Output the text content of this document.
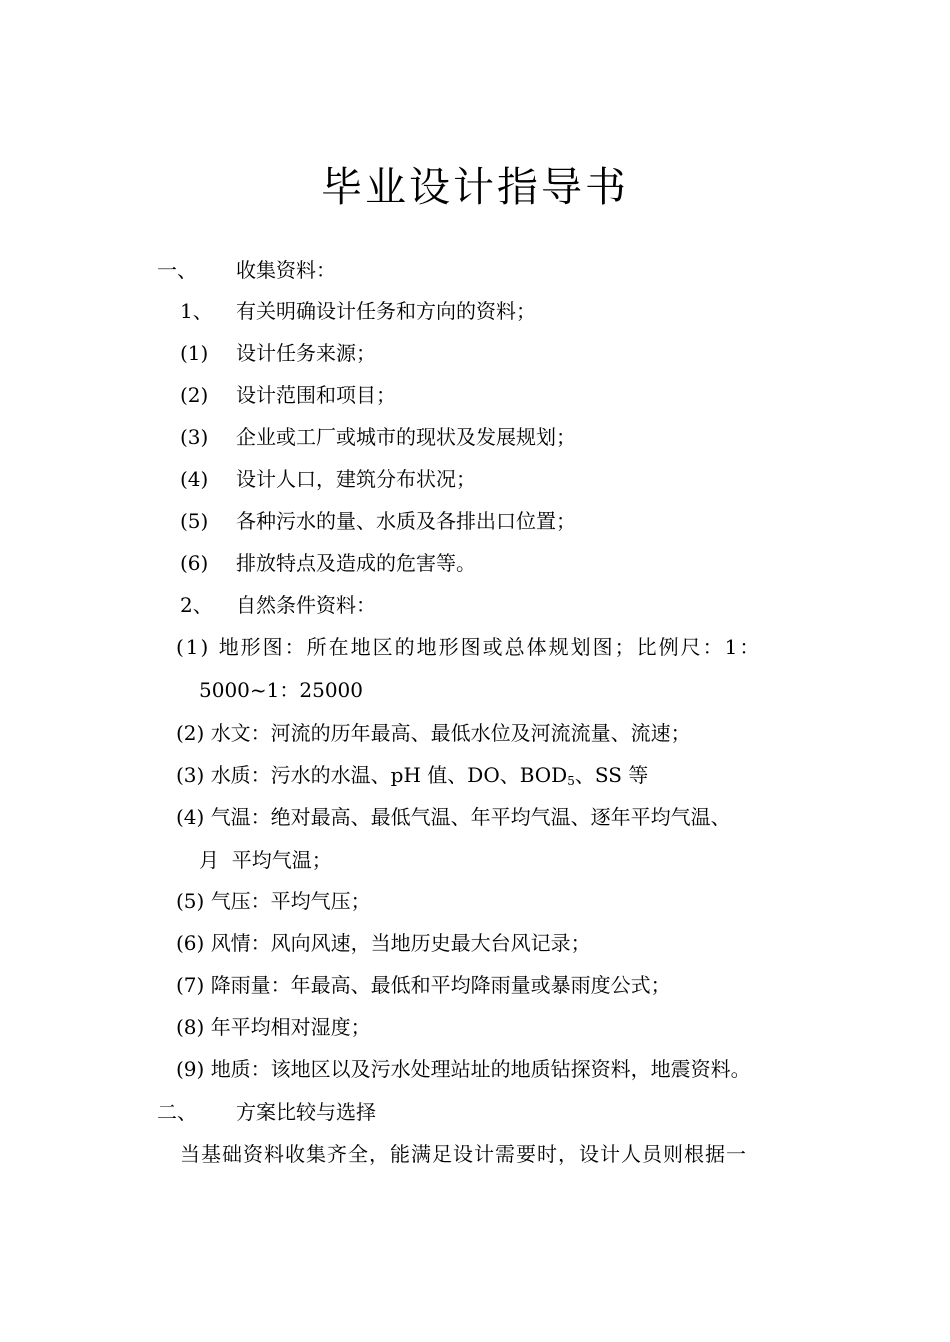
毕业设计指导书
一、 收集资料：
1、 有关明确设计任务和方向的资料；
(1) 设计任务来源；
(2) 设计范围和项目；
(3) 企业或工厂或城市的现状及发展规划；
(4) 设计人口，建筑分布状况；
(5) 各种污水的量、水质及各排出口位置；
(6) 排放特点及造成的危害等。
2、 自然条件资料：
(1) 地形图：所在地区的地形图或总体规划图；比例尺：1：
5000~1：25000
(2) 水文：河流的历年最高、最低水位及河流流量、流速；
(3) 水质：污水的水温、pH 值、DO、$BOD_5$、SS 等
(4) 气温：绝对最高、最低气温、年平均气温、逐年平均气温、
月  平均气温；
(5) 气压：平均气压；
(6) 风情：风向风速，当地历史最大台风记录；
(7) 降雨量：年最高、最低和平均降雨量或暴雨度公式；
(8) 年平均相对湿度；
(9) 地质：该地区以及污水处理站址的地质钻探资料，地震资料。
二、 方案比较与选择
当基础资料收集齐全，能满足设计需要时，设计人员则根据一
